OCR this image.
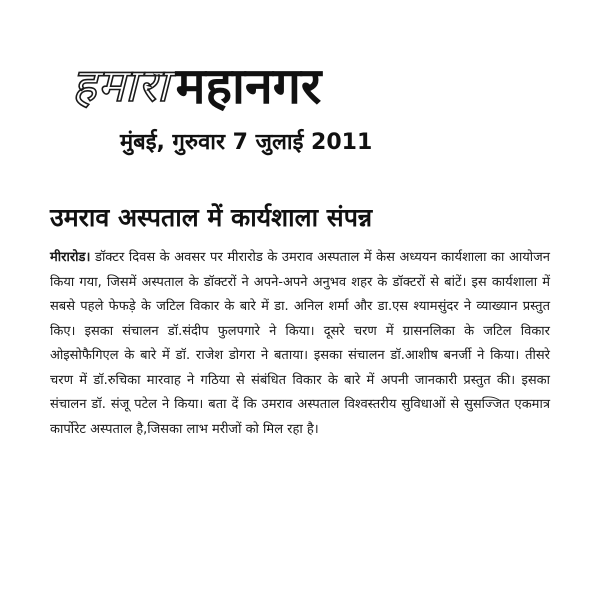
हमारा महानगर
मुंबई, गुरुवार 7 जुलाई 2011
उमराव अस्पताल में कार्यशाला संपन्न
मीरारोड। डॉक्टर दिवस के अवसर पर मीरारोड के उमराव अस्पताल में केस अध्ययन कार्यशाला का आयोजन किया गया, जिसमें अस्पताल के डॉक्टरों ने अपने-अपने अनुभव शहर के डॉक्टरों से बांटें। इस कार्यशाला में सबसे पहले फेफड़े के जटिल विकार के बारे में डा. अनिल शर्मा और डा.एस श्यामसुंदर ने व्याख्यान प्रस्तुत किए। इसका संचालन डॉ.संदीप फुलपगारे ने किया। दूसरे चरण में ग्रासनलिका के जटिल विकार ओइसोफैगिएल के बारे में डॉ. राजेश डोगरा ने बताया। इसका संचालन डॉ.आशीष बनर्जी ने किया। तीसरे चरण में डॉ.रुचिका मारवाह ने गठिया से संबंधित विकार के बारे में अपनी जानकारी प्रस्तुत की। इसका संचालन डॉ. संजू पटेल ने किया। बता दें कि उमराव अस्पताल विश्वस्तरीय सुविधाओं से सुसज्जित एकमात्र कार्पोरेट अस्पताल है,जिसका लाभ मरीजों को मिल रहा है।
